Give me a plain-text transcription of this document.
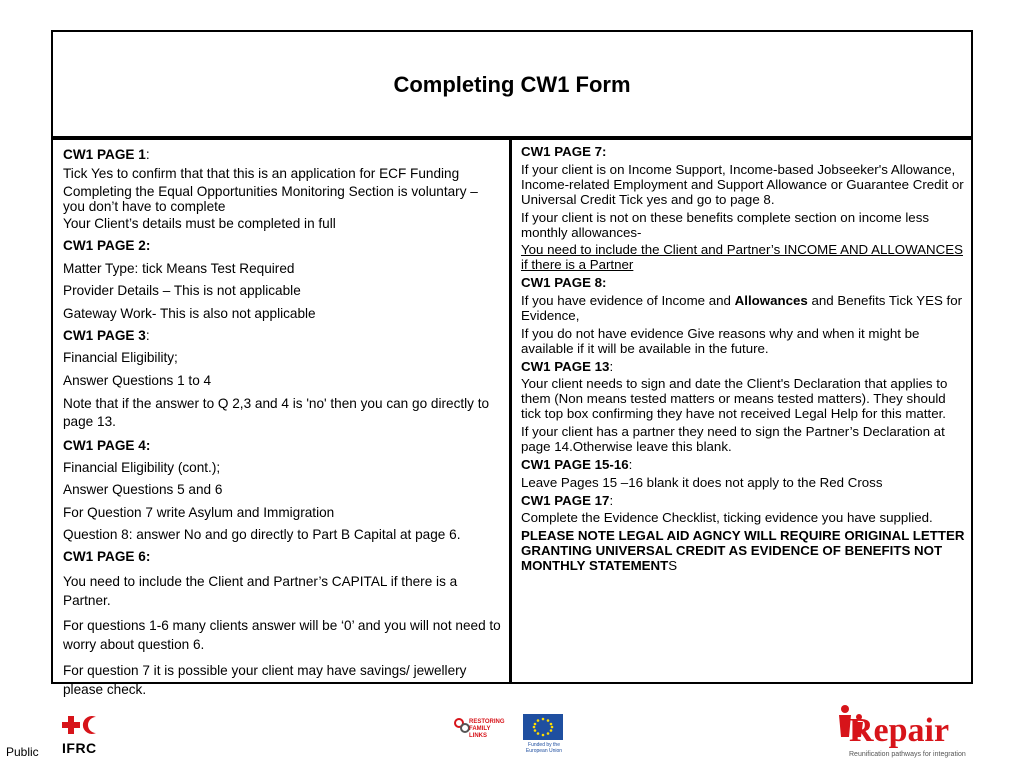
Completing CW1 Form

CW1 PAGE 1:

Tick Yes to confirm that that this is an application for ECF Funding

Completing the Equal Opportunities Monitoring Section is voluntary – you don’t have to complete

Your Client’s details must be completed in full

CW1 PAGE 2:

Matter Type: tick Means Test Required

Provider Details – This is not applicable

Gateway Work- This is also not applicable

CW1 PAGE 3:

Financial Eligibility;

Answer Questions 1 to 4

Note that if the answer to Q 2,3 and 4 is 'no' then you can go directly to page 13.

CW1 PAGE 4:

Financial Eligibility (cont.);

Answer Questions 5 and 6

For Question 7 write Asylum and Immigration

Question 8: answer No and go directly to Part B Capital at page 6.

CW1 PAGE 6:

You need to include the Client and Partner’s CAPITAL if there is a Partner.

For questions 1-6 many clients answer will be ‘0’ and you will not need to worry about question 6.

For question 7 it is possible your client may have savings/ jewellery please check.

CW1 PAGE 7:

If your client is on Income Support, Income-based Jobseeker's Allowance, Income-related Employment and Support Allowance or Guarantee Credit or Universal Credit Tick yes and go to page 8.

If your client is not on these benefits complete section on income less monthly allowances-

You need to include the Client and Partner’s INCOME AND ALLOWANCES if there is a Partner

CW1 PAGE 8:

If you have evidence of Income and Allowances and Benefits Tick YES for Evidence,

If you do not have evidence Give reasons why and when it might be available if it will be available in the future.

CW1 PAGE 13:

Your client needs to sign and date the Client's Declaration that applies to them (Non means tested matters or means tested matters). They should tick top box confirming they have not received Legal Help for this matter.

If your client has a partner they need to sign the Partner’s Declaration at page 14.Otherwise leave this blank.

CW1 PAGE 15-16:

Leave Pages 15 –16 blank it does not apply to the Red Cross

CW1 PAGE 17:

Complete the Evidence Checklist, ticking evidence you have supplied.

PLEASE NOTE LEGAL AID AGNCY WILL REQUIRE ORIGINAL LETTER GRANTING UNIVERSAL CREDIT AS EVIDENCE OF BENEFITS NOT MONTHLY STATEMENTS

Public IFRC
RESTORING FAMILY LINKS
Funded by the European Union
Repair
Reunification pathways for integration
